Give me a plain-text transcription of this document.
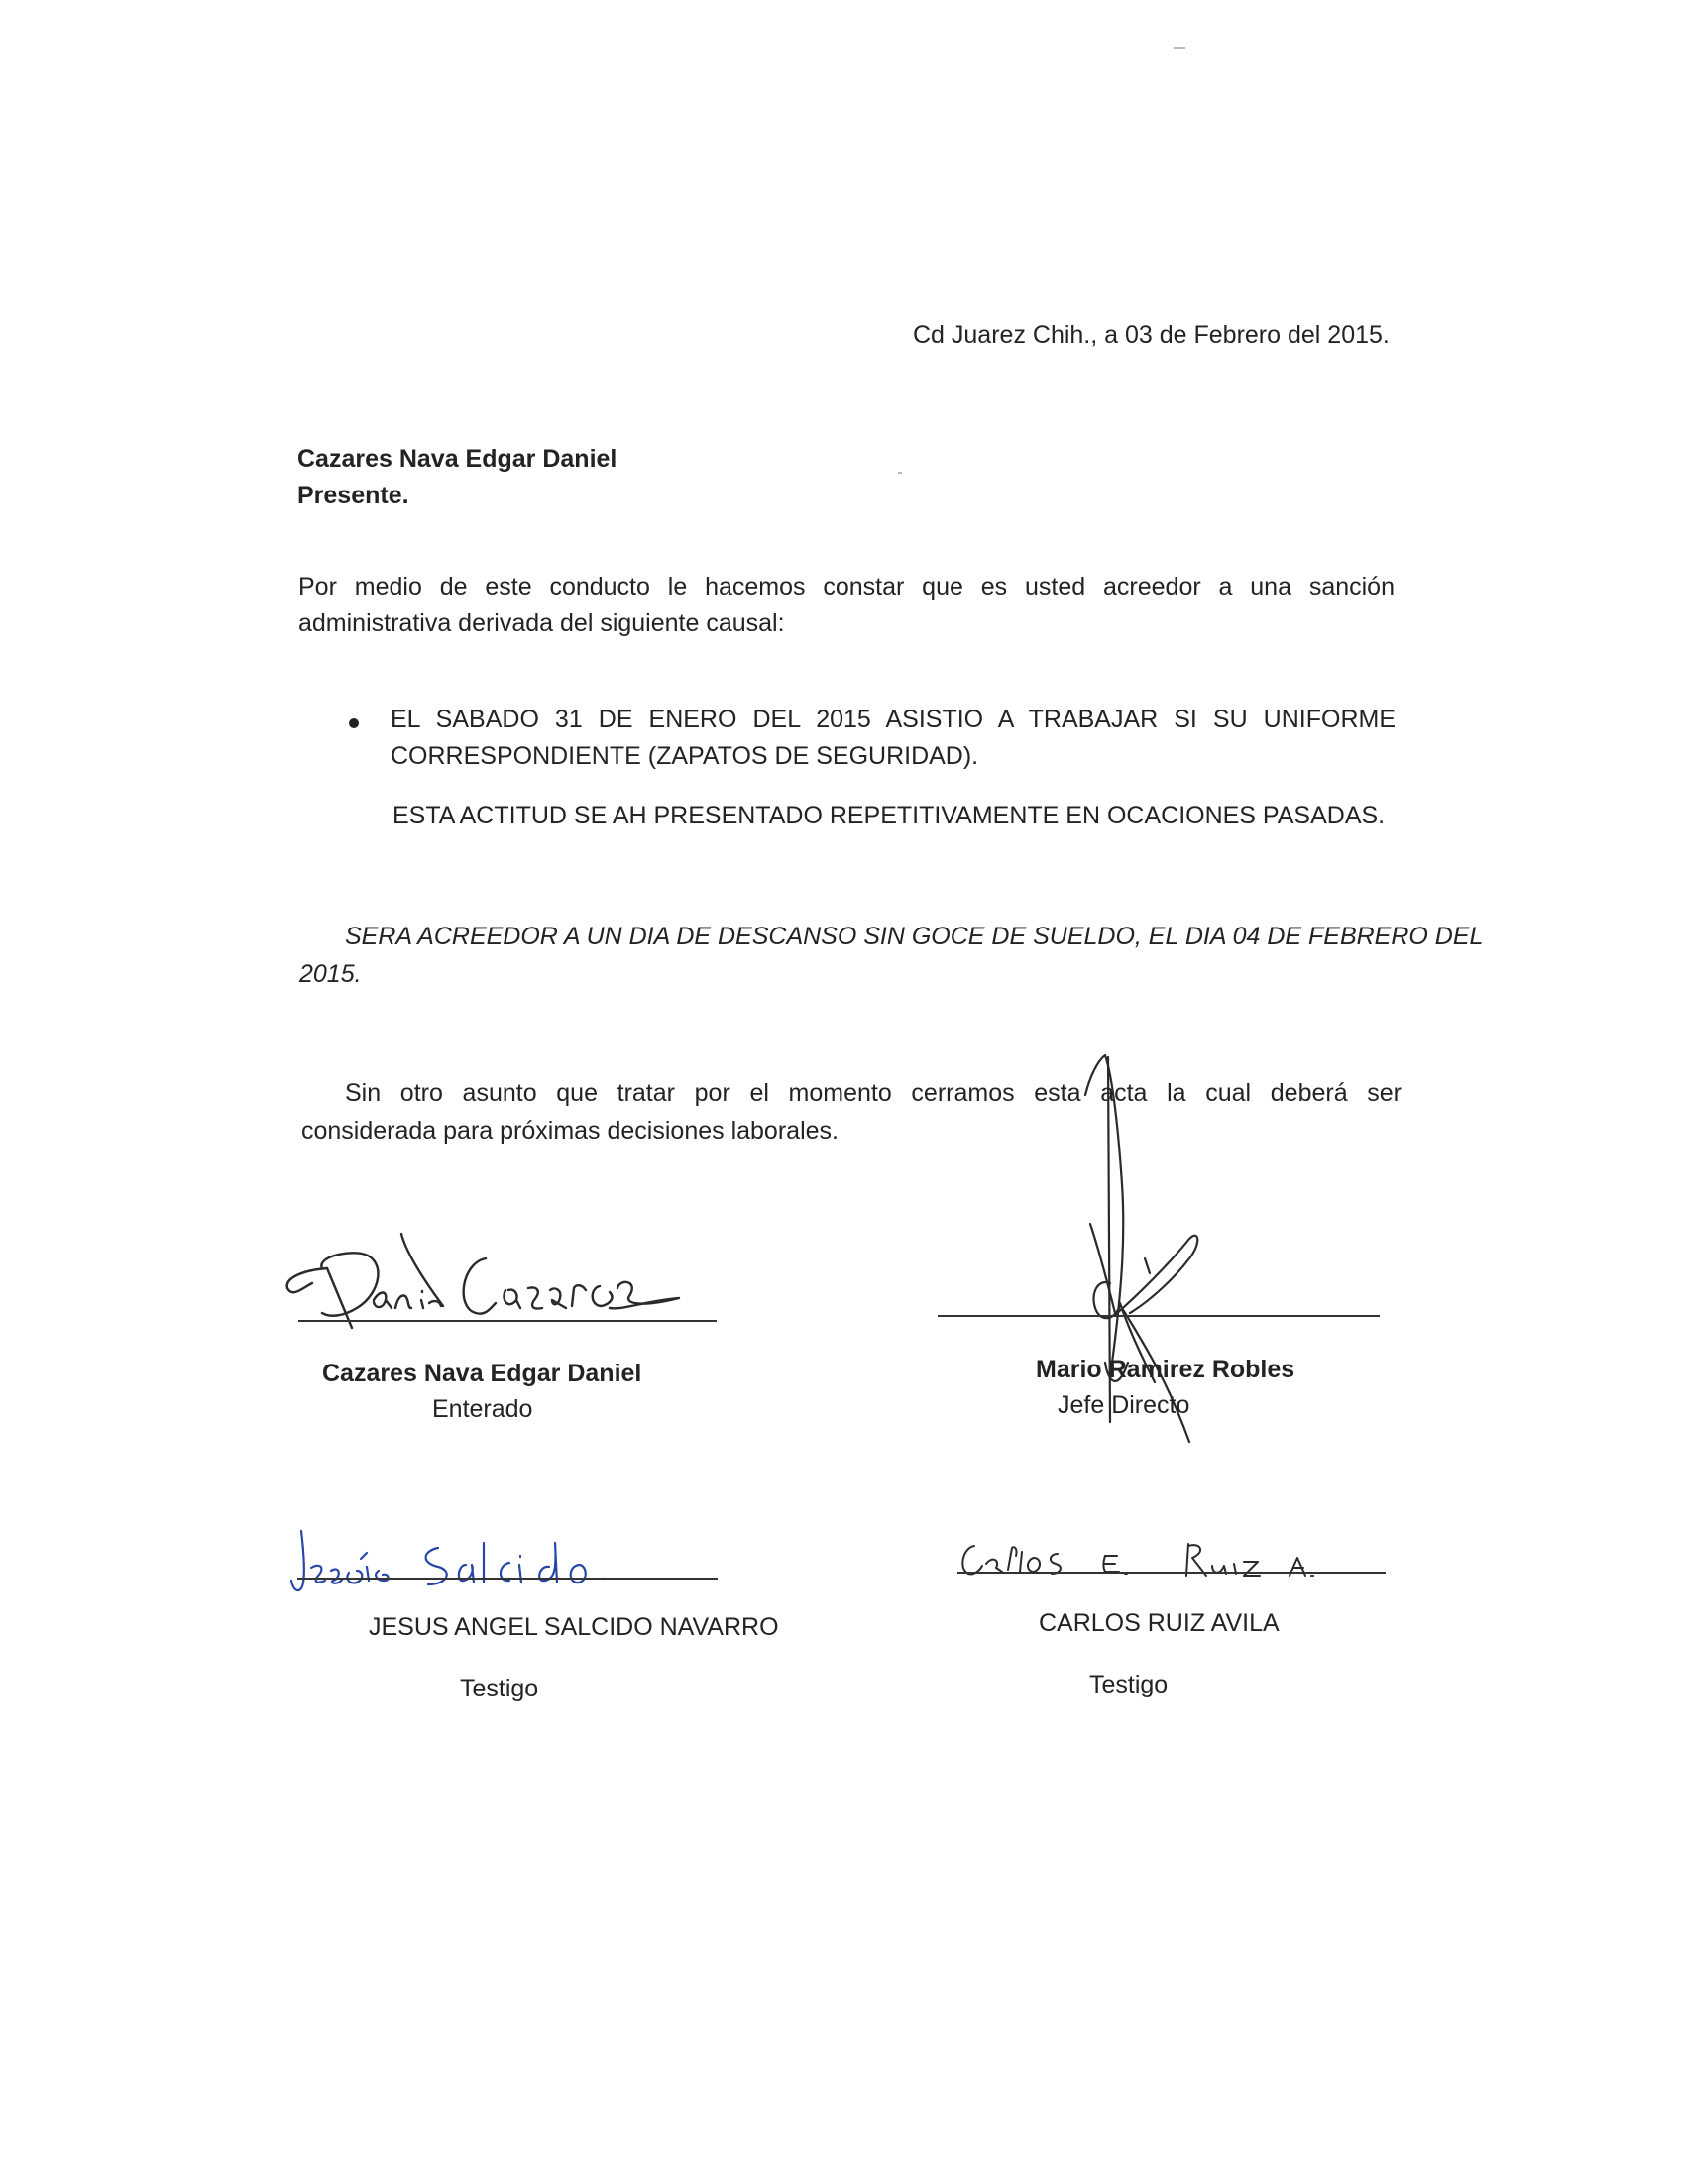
Cd Juarez Chih., a 03 de Febrero del 2015.
Cazares Nava Edgar Daniel
Presente.
Por medio de este conducto le hacemos constar que es usted acreedor a una sanción
administrativa derivada del siguiente causal:
EL SABADO 31 DE ENERO DEL 2015 ASISTIO A TRABAJAR SI SU UNIFORME
CORRESPONDIENTE (ZAPATOS DE SEGURIDAD).
ESTA ACTITUD SE AH PRESENTADO REPETITIVAMENTE EN OCACIONES PASADAS.
SERA ACREEDOR A UN DIA DE DESCANSO SIN GOCE DE SUELDO, EL DIA 04 DE FEBRERO DEL
2015.
Sin otro asunto que tratar por el momento cerramos esta acta la cual deberá ser
considerada para próximas decisiones laborales.
Cazares Nava Edgar Daniel
Enterado
Mario Ramirez Robles
Jefe Directo
JESUS ANGEL SALCIDO NAVARRO
Testigo
CARLOS RUIZ AVILA
Testigo
